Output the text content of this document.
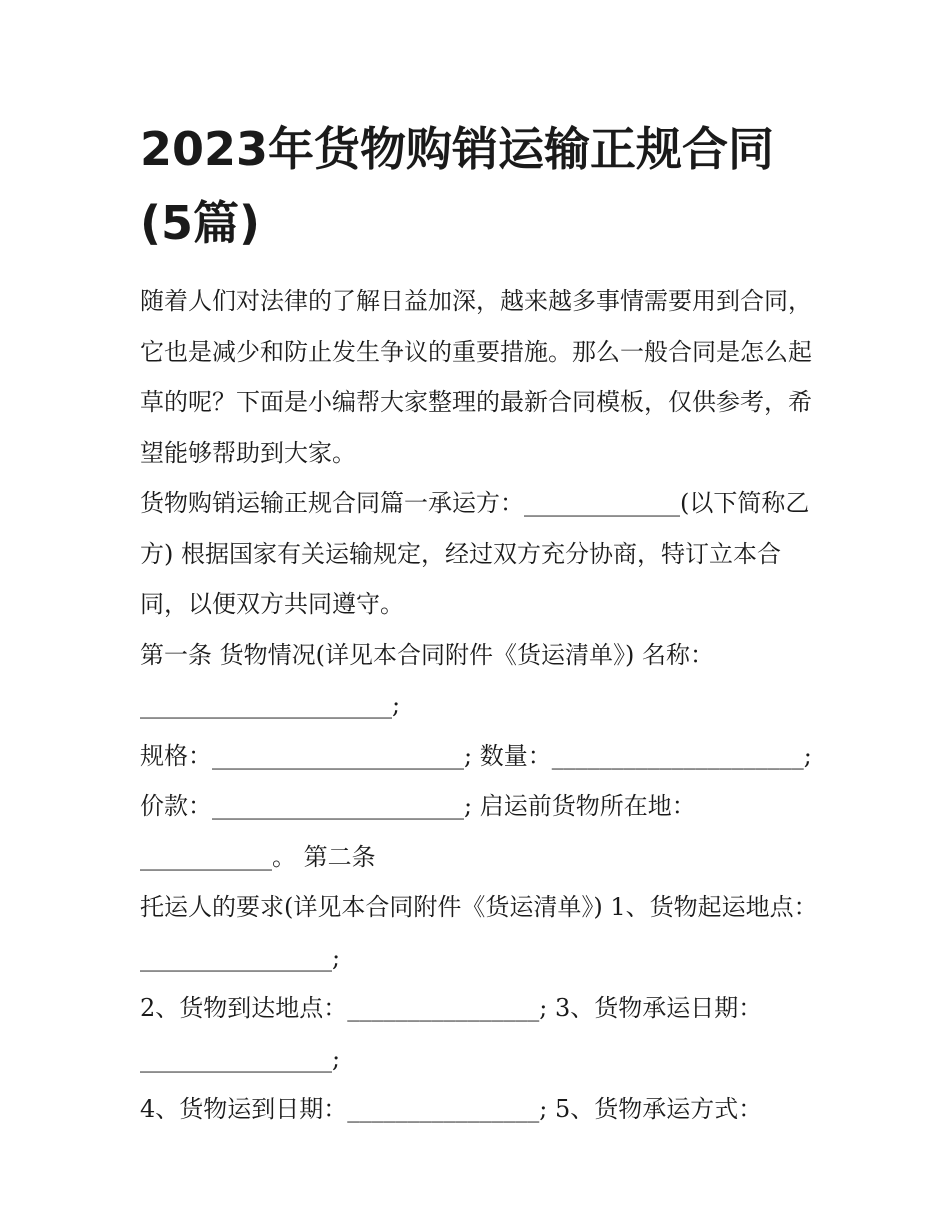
2023年货物购销运输正规合同(5篇)

随着人们对法律的了解日益加深，越来越多事情需要用到合同，它也是减少和防止发生争议的重要措施。那么一般合同是怎么起草的呢？下面是小编帮大家整理的最新合同模板，仅供参考，希望能够帮助到大家。

货物购销运输正规合同篇一承运方：_____________(以下简称乙方) 根据国家有关运输规定，经过双方充分协商，特订立本合同，以便双方共同遵守。

第一条 货物情况(详见本合同附件《货运清单》) 名称：
_____________________;

规格：_____________________; 数量：_____________________;

价款：_____________________; 启运前货物所在地：
___________。 第二条

托运人的要求(详见本合同附件《货运清单》) 1、货物起运地点：________________;

2、货物到达地点：________________; 3、货物承运日期：
________________;

4、货物运到日期：________________; 5、货物承运方式：
